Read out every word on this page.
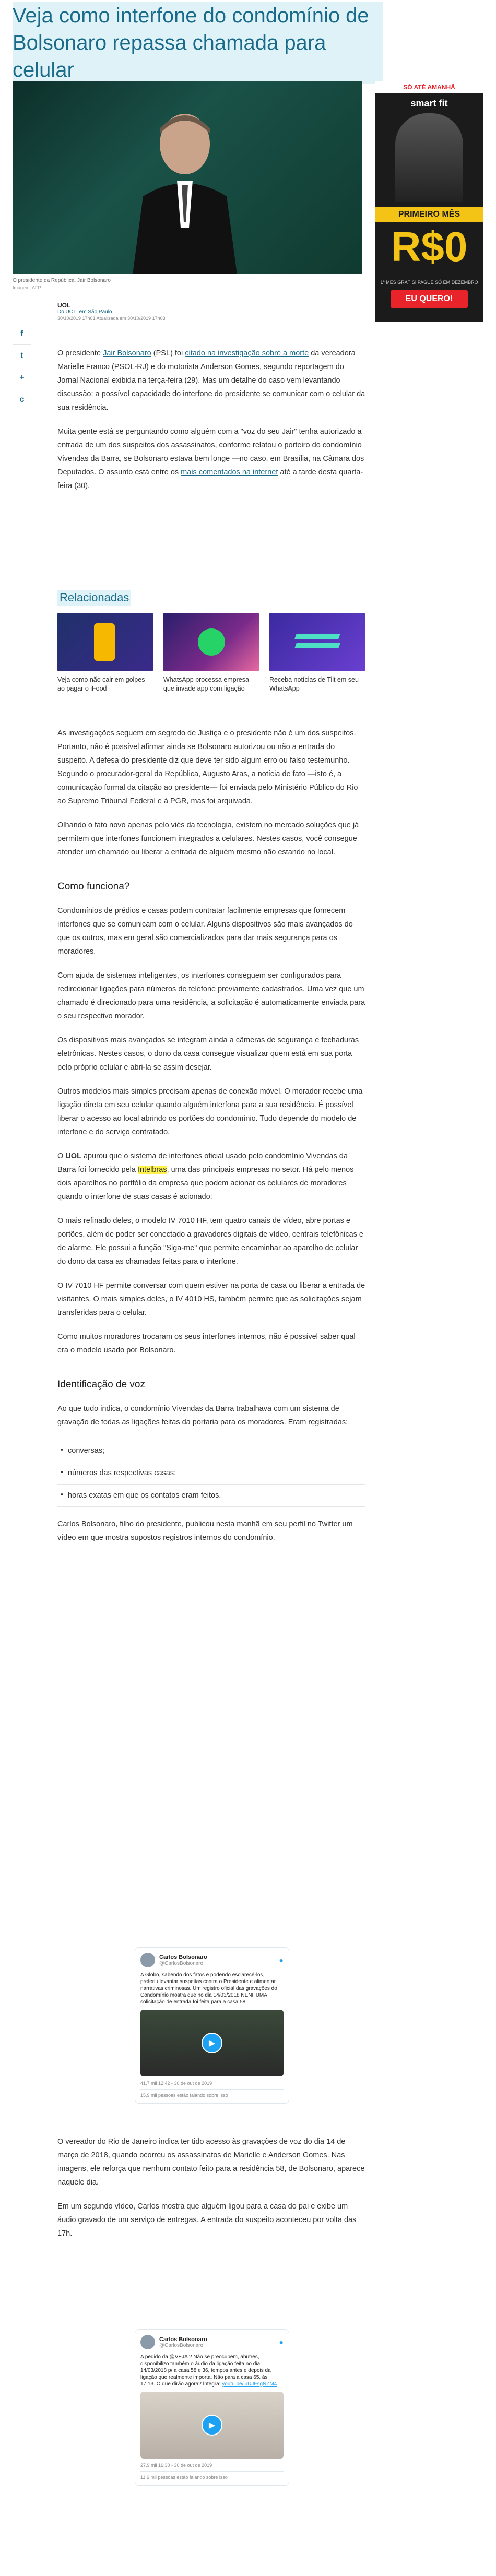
Veja como interfone do condomínio de Bolsonaro repassa chamada para celular
O presidente da República, Jair Bolsonaro
Imagem: AFP
SÓ ATÉ AMANHÃ
smart fit
PRIMEIRO MÊS
R$0
1ª MÊS GRÁTIS! PAGUE SÓ EM DEZEMBRO
EU QUERO!
f
t
+
c
UOL
Do UOL, em São Paulo
30/10/2019 17h01 Atualizada em 30/10/2019 17h03

O presidente Jair Bolsonaro (PSL) foi citado na investigação sobre a morte da vereadora Marielle Franco (PSOL-RJ) e do motorista Anderson Gomes, segundo reportagem do Jornal Nacional exibida na terça-feira (29). Mas um detalhe do caso vem levantando discussão: a possível capacidade do interfone do presidente se comunicar com o celular da sua residência.

Muita gente está se perguntando como alguém com a "voz do seu Jair" tenha autorizado a entrada de um dos suspeitos dos assassinatos, conforme relatou o porteiro do condomínio Vivendas da Barra, se Bolsonaro estava bem longe —no caso, em Brasília, na Câmara dos Deputados. O assunto está entre os mais comentados na internet até a tarde desta quarta-feira (30).

Relacionadas
Veja como não cair em golpes ao pagar o iFood
WhatsApp processa empresa que invade app com ligação
Receba notícias de Tilt em seu WhatsApp

As investigações seguem em segredo de Justiça e o presidente não é um dos suspeitos. Portanto, não é possível afirmar ainda se Bolsonaro autorizou ou não a entrada do suspeito. A defesa do presidente diz que deve ter sido algum erro ou falso testemunho. Segundo o procurador-geral da República, Augusto Aras, a notícia de fato —isto é, a comunicação formal da citação ao presidente— foi enviada pelo Ministério Público do Rio ao Supremo Tribunal Federal e à PGR, mas foi arquivada.

Olhando o fato novo apenas pelo viés da tecnologia, existem no mercado soluções que já permitem que interfones funcionem integrados a celulares. Nestes casos, você consegue atender um chamado ou liberar a entrada de alguém mesmo não estando no local.

Como funciona?

Condomínios de prédios e casas podem contratar facilmente empresas que fornecem interfones que se comunicam com o celular. Alguns dispositivos são mais avançados do que os outros, mas em geral são comercializados para dar mais segurança para os moradores.

Com ajuda de sistemas inteligentes, os interfones conseguem ser configurados para redirecionar ligações para números de telefone previamente cadastrados. Uma vez que um chamado é direcionado para uma residência, a solicitação é automaticamente enviada para o seu respectivo morador.

Os dispositivos mais avançados se integram ainda a câmeras de segurança e fechaduras eletrônicas. Nestes casos, o dono da casa consegue visualizar quem está em sua porta pelo próprio celular e abri-la se assim desejar.

Outros modelos mais simples precisam apenas de conexão móvel. O morador recebe uma ligação direta em seu celular quando alguém interfona para a sua residência. É possível liberar o acesso ao local abrindo os portões do condomínio. Tudo depende do modelo de interfone e do serviço contratado.

O UOL apurou que o sistema de interfones oficial usado pelo condomínio Vivendas da Barra foi fornecido pela Intelbras, uma das principais empresas no setor. Há pelo menos dois aparelhos no portfólio da empresa que podem acionar os celulares de moradores quando o interfone de suas casas é acionado:

O mais refinado deles, o modelo IV 7010 HF, tem quatro canais de vídeo, abre portas e portões, além de poder ser conectado a gravadores digitais de vídeo, centrais telefônicas e de alarme. Ele possui a função "Siga-me" que permite encaminhar ao aparelho de celular do dono da casa as chamadas feitas para o interfone.

O IV 7010 HF permite conversar com quem estiver na porta de casa ou liberar a entrada de visitantes. O mais simples deles, o IV 4010 HS, também permite que as solicitações sejam transferidas para o celular.

Como muitos moradores trocaram os seus interfones internos, não é possível saber qual era o modelo usado por Bolsonaro.

Identificação de voz

Ao que tudo indica, o condomínio Vivendas da Barra trabalhava com um sistema de gravação de todas as ligações feitas da portaria para os moradores. Eram registradas:

• conversas;
• números das respectivas casas;
• horas exatas em que os contatos eram feitos.

Carlos Bolsonaro, filho do presidente, publicou nesta manhã em seu perfil no Twitter um vídeo em que mostra supostos registros internos do condomínio.

Carlos Bolsonaro
@CarlosBolsonaro	●
A Globo, sabendo dos fatos e podendo esclarecê-los, preferiu levantar suspeitas contra o Presidente e alimentar narrativas criminosas. Um registro oficial das gravações do Condomínio mostra que no dia 14/03/2018 NENHUMA solicitação de entrada foi feita para a casa 58.
▶
41,7 mil 12:42 - 30 de out de 2019
15,9 mil pessoas estão falando sobre isso

O vereador do Rio de Janeiro indica ter tido acesso às gravações de voz do dia 14 de março de 2018, quando ocorreu os assassinatos de Marielle e Anderson Gomes. Nas imagens, ele reforça que nenhum contato feito para a residência 58, de Bolsonaro, aparece naquele dia.

Em um segundo vídeo, Carlos mostra que alguém ligou para a casa do pai e exibe um áudio gravado de um serviço de entregas. A entrada do suspeito aconteceu por volta das 17h.

Carlos Bolsonaro
@CarlosBolsonaro	●
A pedido da @VEJA ? Não se preocupem, abutres, disponibilizo também o áudio da ligação feita no dia 14/03/2018 p/ a casa 58 e 36, tempos antes e depois da ligação que realmente importa. Não para a casa 65, às 17:13. O que dirão agora? Íntegra: youtu.be/iuUJFsgNZM4
▶
27,9 mil 16:30 - 30 de out de 2019
11,6 mil pessoas estão falando sobre isso
